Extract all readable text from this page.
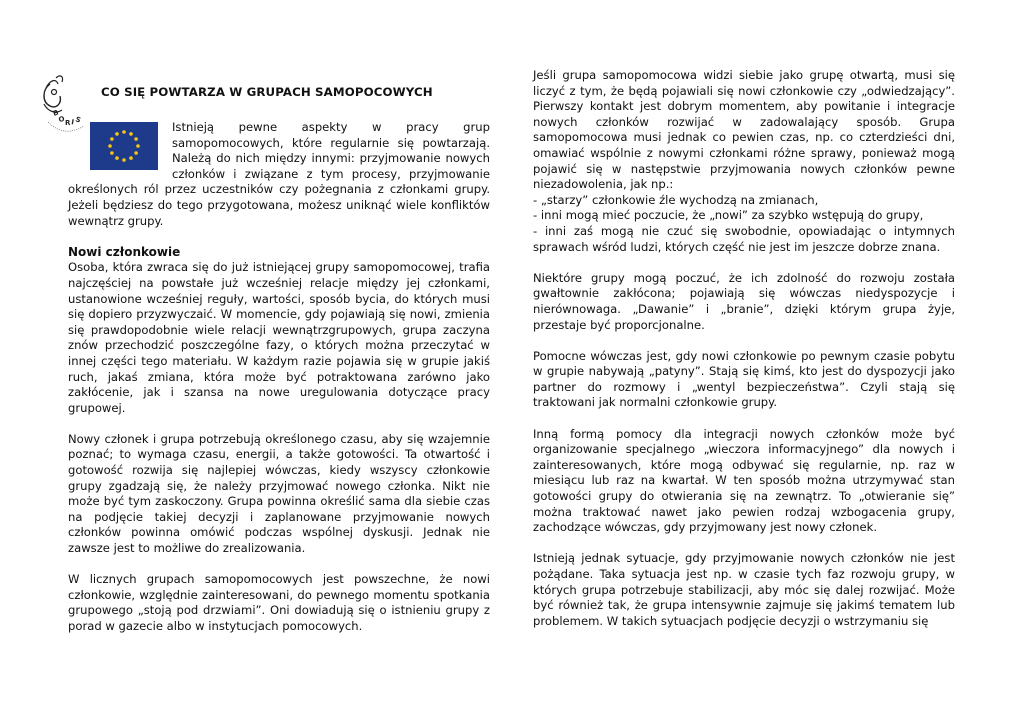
B
O R I S
CO SIĘ POWTARZA W GRUPACH SAMOPOCOWYCH

Istnieją pewne aspekty w pracy grup samopomocowych, które regularnie się powtarzają. Należą do nich między innymi: przyjmowanie nowych członków i związane z tym procesy, przyjmowanie określonych ról przez uczestników czy pożegnania z członkami grupy. Jeżeli będziesz do tego przygotowana, możesz uniknąć wiele konfliktów wewnątrz grupy.

Nowi członkowie

Osoba, która zwraca się do już istniejącej grupy samopomocowej, trafia najczęściej na powstałe już wcześniej relacje między jej członkami, ustanowione wcześniej reguły, wartości, sposób bycia, do których musi się dopiero przyzwyczaić. W momencie, gdy pojawiają się nowi, zmienia się prawdopodobnie wiele relacji wewnątrzgrupowych, grupa zaczyna znów przechodzić poszczególne fazy, o których można przeczytać w innej części tego materiału. W każdym razie pojawia się w grupie jakiś ruch, jakaś zmiana, która może być potraktowana zarówno jako zakłócenie, jak i szansa na nowe uregulowania dotyczące pracy grupowej.

Nowy członek i grupa potrzebują określonego czasu, aby się wzajemnie poznać; to wymaga czasu, energii, a także gotowości. Ta otwartość i gotowość rozwija się najlepiej wówczas, kiedy wszyscy członkowie grupy zgadzają się, że należy przyjmować nowego członka. Nikt nie może być tym zaskoczony. Grupa powinna określić sama dla siebie czas na podjęcie takiej decyzji i zaplanowane przyjmowanie nowych członków powinna omówić podczas wspólnej dyskusji. Jednak nie zawsze jest to możliwe do zrealizowania.

W licznych grupach samopomocowych jest powszechne, że nowi członkowie, względnie zainteresowani, do pewnego momentu spotkania grupowego „stoją pod drzwiami”. Oni dowiadują się o istnieniu grupy z porad w gazecie albo w instytucjach pomocowych.

Jeśli grupa samopomocowa widzi siebie jako grupę otwartą, musi się liczyć z tym, że będą pojawiali się nowi członkowie czy „odwiedzający”. Pierwszy kontakt jest dobrym momentem, aby powitanie i integracje nowych członków rozwijać w zadowalający sposób. Grupa samopomocowa musi jednak co pewien czas, np. co czterdzieści dni, omawiać wspólnie z nowymi członkami różne sprawy, ponieważ mogą pojawić się w następstwie przyjmowania nowych członków pewne niezadowolenia, jak np.:

- „starzy” członkowie źle wychodzą na zmianach,

- inni mogą mieć poczucie, że „nowi” za szybko wstępują do grupy,

- inni zaś mogą nie czuć się swobodnie, opowiadając o intymnych sprawach wśród ludzi, których część nie jest im jeszcze dobrze znana.

Niektóre grupy mogą poczuć, że ich zdolność do rozwoju została gwałtownie zakłócona; pojawiają się wówczas niedyspozycje i nierównowaga. „Dawanie” i „branie”, dzięki którym grupa żyje, przestaje być proporcjonalne.

Pomocne wówczas jest, gdy nowi członkowie po pewnym czasie pobytu w grupie nabywają „patyny”. Stają się kimś, kto jest do dyspozycji jako partner do rozmowy i „wentyl bezpieczeństwa”. Czyli stają się traktowani jak normalni członkowie grupy.

Inną formą pomocy dla integracji nowych członków może być organizowanie specjalnego „wieczora informacyjnego” dla nowych i zainteresowanych, które mogą odbywać się regularnie, np. raz w miesiącu lub raz na kwartał. W ten sposób można utrzymywać stan gotowości grupy do otwierania się na zewnątrz. To „otwieranie się” można traktować nawet jako pewien rodzaj wzbogacenia grupy, zachodzące wówczas, gdy przyjmowany jest nowy członek.

Istnieją jednak sytuacje, gdy przyjmowanie nowych członków nie jest pożądane. Taka sytuacja jest np. w czasie tych faz rozwoju grupy, w których grupa potrzebuje stabilizacji, aby móc się dalej rozwijać. Może być również tak, że grupa intensywnie zajmuje się jakimś tematem lub problemem. W takich sytuacjach podjęcie decyzji o wstrzymaniu się
